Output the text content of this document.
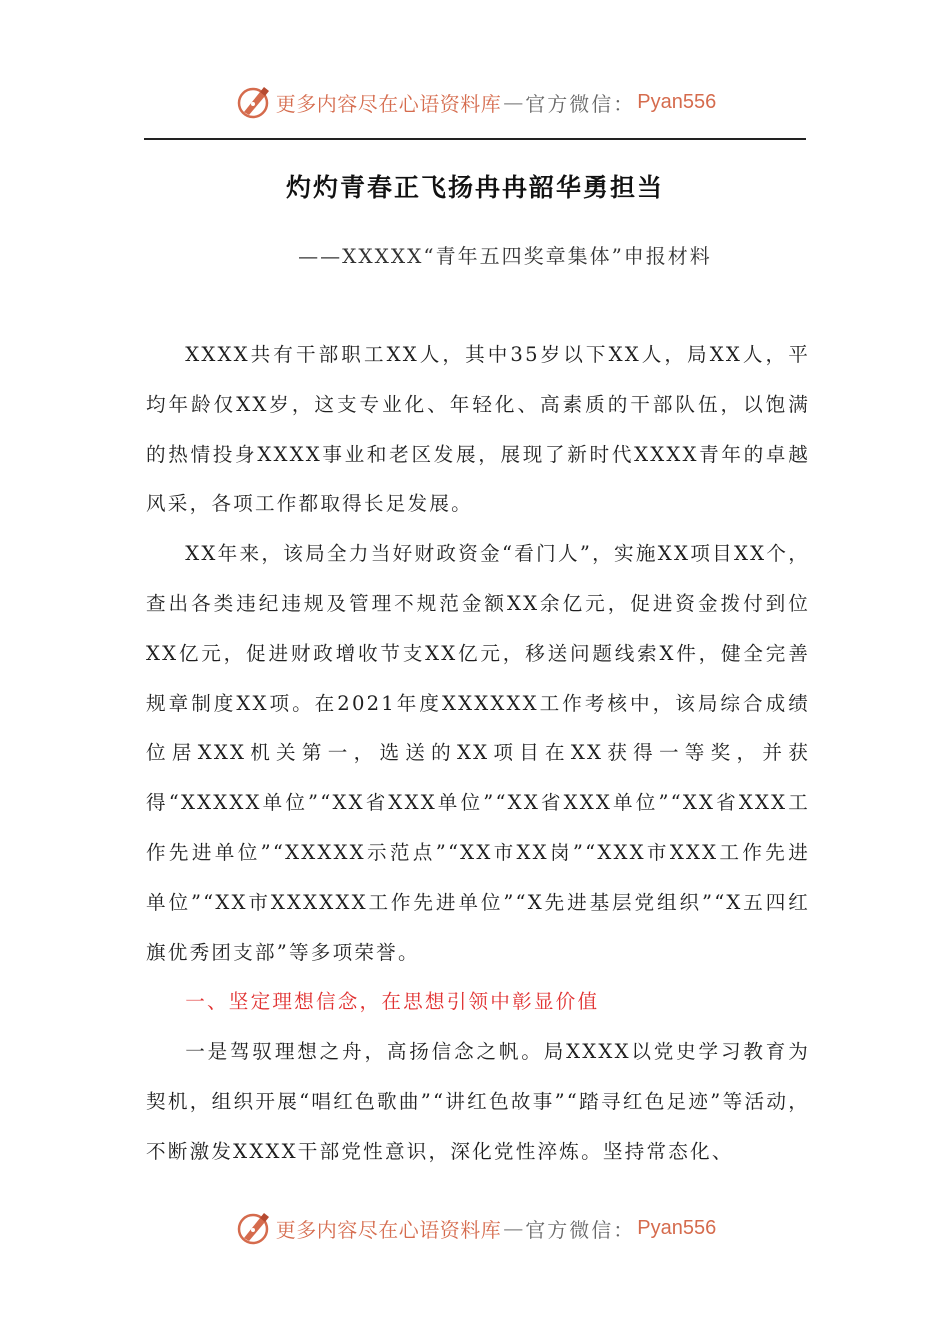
更多内容尽在心语资料库 — 官方微信： Pyan556
灼灼青春正飞扬冉冉韶华勇担当
——XXXXX“青年五四奖章集体”申报材料

XXXX共有干部职工XX人，其中35岁以下XX人，局XX人，平均年龄仅XX岁，这支专业化、年轻化、高素质的干部队伍，以饱满的热情投身XXXX事业和老区发展，展现了新时代XXXX青年的卓越风采，各项工作都取得长足发展。

XX年来，该局全力当好财政资金“看门人”，实施XX项目XX个，查出各类违纪违规及管理不规范金额XX余亿元，促进资金拨付到位XX亿元，促进财政增收节支XX亿元，移送问题线索X件，健全完善规章制度XX项。在2021年度XXXXXX工作考核中，该局综合成绩位居XXX机关第一，选送的XX项目在XX获得一等奖，并获得“XXXXX单位”“XX省XXX单位”“XX省XXX单位”“XX省XXX工作先进单位”“XXXXX示范点”“XX市XX岗”“XXX市XXX工作先进单位”“XX市XXXXXX工作先进单位”“X先进基层党组织”“X五四红旗优秀团支部”等多项荣誉。

一、坚定理想信念，在思想引领中彰显价值

一是驾驭理想之舟，高扬信念之帆。局XXXX以党史学习教育为契机，组织开展“唱红色歌曲”“讲红色故事”“踏寻红色足迹”等活动，不断激发XXXX干部党性意识，深化党性淬炼。坚持常态化、

更多内容尽在心语资料库 — 官方微信： Pyan556
